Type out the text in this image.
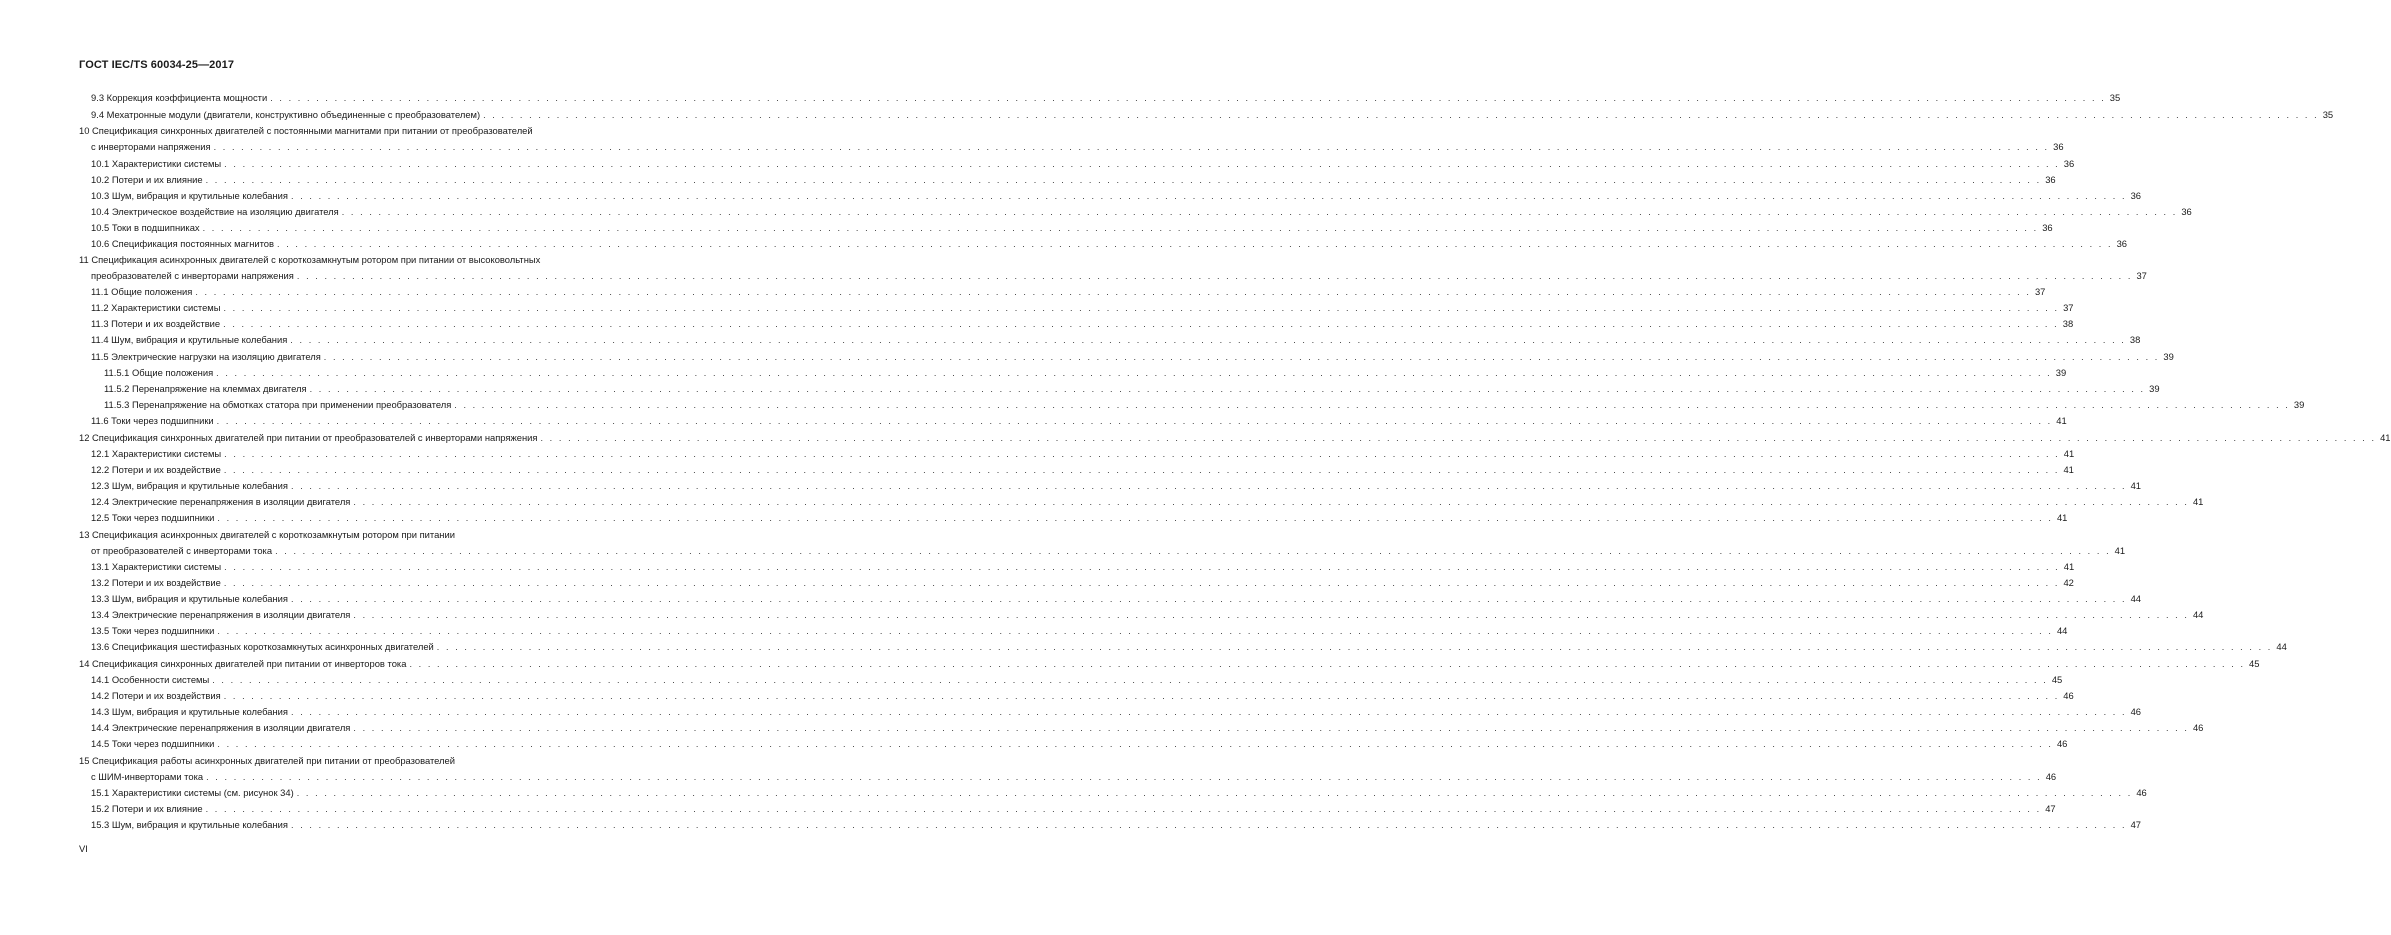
ГОСТ IEC/TS 60034-25—2017
9.3 Коррекция коэффициента мощности . . . . . . . . . . . . . . . . . . . . . . . . . . . . . . . . . . . . . . . . . . . . . . . . . . . . . . . . . . . . . . . . . . . . . . . . . . . . . . . . . . . . . . . . . . . . . . . . . . . . . . . . . . . . . . . . . . . . . . . . . . . . . . . . . . . . . . . . . . . . . . . . . . . . . . . . . . . . . . . . . . . . . . . . . . . . . . . . . . . . . . . . . . . . . . . . . . . . . . . . 35
9.4 Мехатронные модули (двигатели, конструктивно объединенные с преобразователем) . . . . . . . . . . . . . . . . . . . . . . . . . . . . . . . . . . . . . . . . . . . . . . . . . . . . . . . . . . . . . . . . . . . . . . . . . . . . . . . . . . . . . . . . . . . . . . . . . . . . . . . . . . . . . . . . . . . . . . . . . . . . . . . . . . . . . . . . . . . . . . . . . . . . . . . . . . . . . . . . . . . . . . . . . . . . . . . . . . . . . . . . . . . . . . . . . . . . . . . . 35
10 Спецификация синхронных двигателей с постоянными магнитами при питании от преобразователей
с инверторами напряжения . . . . . . . . . . . . . . . . . . . . . . . . . . . . . . . . . . . . . . . . . . . . . . . . . . . . . . . . . . . . . . . . . . . . . . . . . . . . . . . . . . . . . . . . . . . . . . . . . . . . . . . . . . . . . . . . . . . . . . . . . . . . . . . . . . . . . . . . . . . . . . . . . . . . . . . . . . . . . . . . . . . . . . . . . . . . . . . . . . . . . . . . . . . . . . . . . . . . . . . . 36
10.1 Характеристики системы . . . . . . . . . . . . . . . . . . . . . . . . . . . . . . . . . . . . . . . . . . . . . . . . . . . . . . . . . . . . . . . . . . . . . . . . . . . . . . . . . . . . . . . . . . . . . . . . . . . . . . . . . . . . . . . . . . . . . . . . . . . . . . . . . . . . . . . . . . . . . . . . . . . . . . . . . . . . . . . . . . . . . . . . . . . . . . . . . . . . . . . . . . . . . . . . . . . . . . . . 36
10.2 Потери и их влияние . . . . . . . . . . . . . . . . . . . . . . . . . . . . . . . . . . . . . . . . . . . . . . . . . . . . . . . . . . . . . . . . . . . . . . . . . . . . . . . . . . . . . . . . . . . . . . . . . . . . . . . . . . . . . . . . . . . . . . . . . . . . . . . . . . . . . . . . . . . . . . . . . . . . . . . . . . . . . . . . . . . . . . . . . . . . . . . . . . . . . . . . . . . . . . . . . . . . . . . . 36
10.3 Шум, вибрация и крутильные колебания . . . . . . . . . . . . . . . . . . . . . . . . . . . . . . . . . . . . . . . . . . . . . . . . . . . . . . . . . . . . . . . . . . . . . . . . . . . . . . . . . . . . . . . . . . . . . . . . . . . . . . . . . . . . . . . . . . . . . . . . . . . . . . . . . . . . . . . . . . . . . . . . . . . . . . . . . . . . . . . . . . . . . . . . . . . . . . . . . . . . . . . . . . . . . . . . . . . . . . . . 36
10.4 Электрическое воздействие на изоляцию двигателя . . . . . . . . . . . . . . . . . . . . . . . . . . . . . . . . . . . . . . . . . . . . . . . . . . . . . . . . . . . . . . . . . . . . . . . . . . . . . . . . . . . . . . . . . . . . . . . . . . . . . . . . . . . . . . . . . . . . . . . . . . . . . . . . . . . . . . . . . . . . . . . . . . . . . . . . . . . . . . . . . . . . . . . . . . . . . . . . . . . . . . . . . . . . . . . . . . . . . . . . 36
10.5 Токи в подшипниках . . . . . . . . . . . . . . . . . . . . . . . . . . . . . . . . . . . . . . . . . . . . . . . . . . . . . . . . . . . . . . . . . . . . . . . . . . . . . . . . . . . . . . . . . . . . . . . . . . . . . . . . . . . . . . . . . . . . . . . . . . . . . . . . . . . . . . . . . . . . . . . . . . . . . . . . . . . . . . . . . . . . . . . . . . . . . . . . . . . . . . . . . . . . . . . . . . . . . . . . 36
10.6 Спецификация постоянных магнитов . . . . . . . . . . . . . . . . . . . . . . . . . . . . . . . . . . . . . . . . . . . . . . . . . . . . . . . . . . . . . . . . . . . . . . . . . . . . . . . . . . . . . . . . . . . . . . . . . . . . . . . . . . . . . . . . . . . . . . . . . . . . . . . . . . . . . . . . . . . . . . . . . . . . . . . . . . . . . . . . . . . . . . . . . . . . . . . . . . . . . . . . . . . . . . . . . . . . . . . . 36
11 Спецификация асинхронных двигателей с короткозамкнутым ротором при питании от высоковольтных
преобразователей с инверторами напряжения . . . . . . . . . . . . . . . . . . . . . . . . . . . . . . . . . . . . . . . . . . . . . . . . . . . . . . . . . . . . . . . . . . . . . . . . . . . . . . . . . . . . . . . . . . . . . . . . . . . . . . . . . . . . . . . . . . . . . . . . . . . . . . . . . . . . . . . . . . . . . . . . . . . . . . . . . . . . . . . . . . . . . . . . . . . . . . . . . . . . . . . . . . . . . . . . . . . . . . . . 37
11.1 Общие положения . . . . . . . . . . . . . . . . . . . . . . . . . . . . . . . . . . . . . . . . . . . . . . . . . . . . . . . . . . . . . . . . . . . . . . . . . . . . . . . . . . . . . . . . . . . . . . . . . . . . . . . . . . . . . . . . . . . . . . . . . . . . . . . . . . . . . . . . . . . . . . . . . . . . . . . . . . . . . . . . . . . . . . . . . . . . . . . . . . . . . . . . . . . . . . . . . . . . . . . . 37
11.2 Характеристики системы . . . . . . . . . . . . . . . . . . . . . . . . . . . . . . . . . . . . . . . . . . . . . . . . . . . . . . . . . . . . . . . . . . . . . . . . . . . . . . . . . . . . . . . . . . . . . . . . . . . . . . . . . . . . . . . . . . . . . . . . . . . . . . . . . . . . . . . . . . . . . . . . . . . . . . . . . . . . . . . . . . . . . . . . . . . . . . . . . . . . . . . . . . . . . . . . . . . . . . . . 37
11.3 Потери и их воздействие . . . . . . . . . . . . . . . . . . . . . . . . . . . . . . . . . . . . . . . . . . . . . . . . . . . . . . . . . . . . . . . . . . . . . . . . . . . . . . . . . . . . . . . . . . . . . . . . . . . . . . . . . . . . . . . . . . . . . . . . . . . . . . . . . . . . . . . . . . . . . . . . . . . . . . . . . . . . . . . . . . . . . . . . . . . . . . . . . . . . . . . . . . . . . . . . . . . . . . . . 38
11.4 Шум, вибрация и крутильные колебания . . . . . . . . . . . . . . . . . . . . . . . . . . . . . . . . . . . . . . . . . . . . . . . . . . . . . . . . . . . . . . . . . . . . . . . . . . . . . . . . . . . . . . . . . . . . . . . . . . . . . . . . . . . . . . . . . . . . . . . . . . . . . . . . . . . . . . . . . . . . . . . . . . . . . . . . . . . . . . . . . . . . . . . . . . . . . . . . . . . . . . . . . . . . . . . . . . . . . . . . 38
11.5 Электрические нагрузки на изоляцию двигателя . . . . . . . . . . . . . . . . . . . . . . . . . . . . . . . . . . . . . . . . . . . . . . . . . . . . . . . . . . . . . . . . . . . . . . . . . . . . . . . . . . . . . . . . . . . . . . . . . . . . . . . . . . . . . . . . . . . . . . . . . . . . . . . . . . . . . . . . . . . . . . . . . . . . . . . . . . . . . . . . . . . . . . . . . . . . . . . . . . . . . . . . . . . . . . . . . . . . . . . . 39
11.5.1 Общие положения . . . . . . . . . . . . . . . . . . . . . . . . . . . . . . . . . . . . . . . . . . . . . . . . . . . . . . . . . . . . . . . . . . . . . . . . . . . . . . . . . . . . . . . . . . . . . . . . . . . . . . . . . . . . . . . . . . . . . . . . . . . . . . . . . . . . . . . . . . . . . . . . . . . . . . . . . . . . . . . . . . . . . . . . . . . . . . . . . . . . . . . . . . . . . . . . . . . . . . . . 39
11.5.2 Перенапряжение на клеммах двигателя . . . . . . . . . . . . . . . . . . . . . . . . . . . . . . . . . . . . . . . . . . . . . . . . . . . . . . . . . . . . . . . . . . . . . . . . . . . . . . . . . . . . . . . . . . . . . . . . . . . . . . . . . . . . . . . . . . . . . . . . . . . . . . . . . . . . . . . . . . . . . . . . . . . . . . . . . . . . . . . . . . . . . . . . . . . . . . . . . . . . . . . . . . . . . . . . . . . . . . . . 39
11.5.3 Перенапряжение на обмотках статора при применении преобразователя . . . . . . . . . . . . . . . . . . . . . . . . . . . . . . . . . . . . . . . . . . . . . . . . . . . . . . . . . . . . . . . . . . . . . . . . . . . . . . . . . . . . . . . . . . . . . . . . . . . . . . . . . . . . . . . . . . . . . . . . . . . . . . . . . . . . . . . . . . . . . . . . . . . . . . . . . . . . . . . . . . . . . . . . . . . . . . . . . . . . . . . . . . . . . . . . . . . . . . . . 39
11.6 Токи через подшипники . . . . . . . . . . . . . . . . . . . . . . . . . . . . . . . . . . . . . . . . . . . . . . . . . . . . . . . . . . . . . . . . . . . . . . . . . . . . . . . . . . . . . . . . . . . . . . . . . . . . . . . . . . . . . . . . . . . . . . . . . . . . . . . . . . . . . . . . . . . . . . . . . . . . . . . . . . . . . . . . . . . . . . . . . . . . . . . . . . . . . . . . . . . . . . . . . . . . . . . . 41
12 Спецификация синхронных двигателей при питании от преобразователей с инверторами напряжения . . . . . . . . . . . . . . . . . . . . . . . . . . . . . . . . . . . . . . . . . . . . . . . . . . . . . . . . . . . . . . . . . . . . . . . . . . . . . . . . . . . . . . . . . . . . . . . . . . . . . . . . . . . . . . . . . . . . . . . . . . . . . . . . . . . . . . . . . . . . . . . . . . . . . . . . . . . . . . . . . . . . . . . . . . . . . . . . . . . . . . . . . . . . . . . . . . . . . . . . 41
12.1 Характеристики системы . . . . . . . . . . . . . . . . . . . . . . . . . . . . . . . . . . . . . . . . . . . . . . . . . . . . . . . . . . . . . . . . . . . . . . . . . . . . . . . . . . . . . . . . . . . . . . . . . . . . . . . . . . . . . . . . . . . . . . . . . . . . . . . . . . . . . . . . . . . . . . . . . . . . . . . . . . . . . . . . . . . . . . . . . . . . . . . . . . . . . . . . . . . . . . . . . . . . . . . . 41
12.2 Потери и их воздействие . . . . . . . . . . . . . . . . . . . . . . . . . . . . . . . . . . . . . . . . . . . . . . . . . . . . . . . . . . . . . . . . . . . . . . . . . . . . . . . . . . . . . . . . . . . . . . . . . . . . . . . . . . . . . . . . . . . . . . . . . . . . . . . . . . . . . . . . . . . . . . . . . . . . . . . . . . . . . . . . . . . . . . . . . . . . . . . . . . . . . . . . . . . . . . . . . . . . . . . . 41
12.3 Шум, вибрация и крутильные колебания . . . . . . . . . . . . . . . . . . . . . . . . . . . . . . . . . . . . . . . . . . . . . . . . . . . . . . . . . . . . . . . . . . . . . . . . . . . . . . . . . . . . . . . . . . . . . . . . . . . . . . . . . . . . . . . . . . . . . . . . . . . . . . . . . . . . . . . . . . . . . . . . . . . . . . . . . . . . . . . . . . . . . . . . . . . . . . . . . . . . . . . . . . . . . . . . . . . . . . . . 41
12.4 Электрические перенапряжения в изоляции двигателя . . . . . . . . . . . . . . . . . . . . . . . . . . . . . . . . . . . . . . . . . . . . . . . . . . . . . . . . . . . . . . . . . . . . . . . . . . . . . . . . . . . . . . . . . . . . . . . . . . . . . . . . . . . . . . . . . . . . . . . . . . . . . . . . . . . . . . . . . . . . . . . . . . . . . . . . . . . . . . . . . . . . . . . . . . . . . . . . . . . . . . . . . . . . . . . . . . . . . . . . 41
12.5 Токи через подшипники . . . . . . . . . . . . . . . . . . . . . . . . . . . . . . . . . . . . . . . . . . . . . . . . . . . . . . . . . . . . . . . . . . . . . . . . . . . . . . . . . . . . . . . . . . . . . . . . . . . . . . . . . . . . . . . . . . . . . . . . . . . . . . . . . . . . . . . . . . . . . . . . . . . . . . . . . . . . . . . . . . . . . . . . . . . . . . . . . . . . . . . . . . . . . . . . . . . . . . . . 41
13 Спецификация асинхронных двигателей с короткозамкнутым ротором при питании
от преобразователей с инверторами тока . . . . . . . . . . . . . . . . . . . . . . . . . . . . . . . . . . . . . . . . . . . . . . . . . . . . . . . . . . . . . . . . . . . . . . . . . . . . . . . . . . . . . . . . . . . . . . . . . . . . . . . . . . . . . . . . . . . . . . . . . . . . . . . . . . . . . . . . . . . . . . . . . . . . . . . . . . . . . . . . . . . . . . . . . . . . . . . . . . . . . . . . . . . . . . . . . . . . . . . . 41
13.1 Характеристики системы . . . . . . . . . . . . . . . . . . . . . . . . . . . . . . . . . . . . . . . . . . . . . . . . . . . . . . . . . . . . . . . . . . . . . . . . . . . . . . . . . . . . . . . . . . . . . . . . . . . . . . . . . . . . . . . . . . . . . . . . . . . . . . . . . . . . . . . . . . . . . . . . . . . . . . . . . . . . . . . . . . . . . . . . . . . . . . . . . . . . . . . . . . . . . . . . . . . . . . . . 41
13.2 Потери и их воздействие . . . . . . . . . . . . . . . . . . . . . . . . . . . . . . . . . . . . . . . . . . . . . . . . . . . . . . . . . . . . . . . . . . . . . . . . . . . . . . . . . . . . . . . . . . . . . . . . . . . . . . . . . . . . . . . . . . . . . . . . . . . . . . . . . . . . . . . . . . . . . . . . . . . . . . . . . . . . . . . . . . . . . . . . . . . . . . . . . . . . . . . . . . . . . . . . . . . . . . . . 42
13.3 Шум, вибрация и крутильные колебания . . . . . . . . . . . . . . . . . . . . . . . . . . . . . . . . . . . . . . . . . . . . . . . . . . . . . . . . . . . . . . . . . . . . . . . . . . . . . . . . . . . . . . . . . . . . . . . . . . . . . . . . . . . . . . . . . . . . . . . . . . . . . . . . . . . . . . . . . . . . . . . . . . . . . . . . . . . . . . . . . . . . . . . . . . . . . . . . . . . . . . . . . . . . . . . . . . . . . . . . 44
13.4 Электрические перенапряжения в изоляции двигателя . . . . . . . . . . . . . . . . . . . . . . . . . . . . . . . . . . . . . . . . . . . . . . . . . . . . . . . . . . . . . . . . . . . . . . . . . . . . . . . . . . . . . . . . . . . . . . . . . . . . . . . . . . . . . . . . . . . . . . . . . . . . . . . . . . . . . . . . . . . . . . . . . . . . . . . . . . . . . . . . . . . . . . . . . . . . . . . . . . . . . . . . . . . . . . . . . . . . . . . . 44
13.5 Токи через подшипники . . . . . . . . . . . . . . . . . . . . . . . . . . . . . . . . . . . . . . . . . . . . . . . . . . . . . . . . . . . . . . . . . . . . . . . . . . . . . . . . . . . . . . . . . . . . . . . . . . . . . . . . . . . . . . . . . . . . . . . . . . . . . . . . . . . . . . . . . . . . . . . . . . . . . . . . . . . . . . . . . . . . . . . . . . . . . . . . . . . . . . . . . . . . . . . . . . . . . . . . 44
13.6 Спецификация шестифазных короткозамкнутых асинхронных двигателей . . . . . . . . . . . . . . . . . . . . . . . . . . . . . . . . . . . . . . . . . . . . . . . . . . . . . . . . . . . . . . . . . . . . . . . . . . . . . . . . . . . . . . . . . . . . . . . . . . . . . . . . . . . . . . . . . . . . . . . . . . . . . . . . . . . . . . . . . . . . . . . . . . . . . . . . . . . . . . . . . . . . . . . . . . . . . . . . . . . . . . . . . . . . . . . . . . . . . . . . 44
14 Спецификация синхронных двигателей при питании от инверторов тока . . . . . . . . . . . . . . . . . . . . . . . . . . . . . . . . . . . . . . . . . . . . . . . . . . . . . . . . . . . . . . . . . . . . . . . . . . . . . . . . . . . . . . . . . . . . . . . . . . . . . . . . . . . . . . . . . . . . . . . . . . . . . . . . . . . . . . . . . . . . . . . . . . . . . . . . . . . . . . . . . . . . . . . . . . . . . . . . . . . . . . . . . . . . . . . . . . . . . . . . 45
14.1 Особенности системы . . . . . . . . . . . . . . . . . . . . . . . . . . . . . . . . . . . . . . . . . . . . . . . . . . . . . . . . . . . . . . . . . . . . . . . . . . . . . . . . . . . . . . . . . . . . . . . . . . . . . . . . . . . . . . . . . . . . . . . . . . . . . . . . . . . . . . . . . . . . . . . . . . . . . . . . . . . . . . . . . . . . . . . . . . . . . . . . . . . . . . . . . . . . . . . . . . . . . . . . 45
14.2 Потери и их воздействия . . . . . . . . . . . . . . . . . . . . . . . . . . . . . . . . . . . . . . . . . . . . . . . . . . . . . . . . . . . . . . . . . . . . . . . . . . . . . . . . . . . . . . . . . . . . . . . . . . . . . . . . . . . . . . . . . . . . . . . . . . . . . . . . . . . . . . . . . . . . . . . . . . . . . . . . . . . . . . . . . . . . . . . . . . . . . . . . . . . . . . . . . . . . . . . . . . . . . . . . 46
14.3 Шум, вибрация и крутильные колебания . . . . . . . . . . . . . . . . . . . . . . . . . . . . . . . . . . . . . . . . . . . . . . . . . . . . . . . . . . . . . . . . . . . . . . . . . . . . . . . . . . . . . . . . . . . . . . . . . . . . . . . . . . . . . . . . . . . . . . . . . . . . . . . . . . . . . . . . . . . . . . . . . . . . . . . . . . . . . . . . . . . . . . . . . . . . . . . . . . . . . . . . . . . . . . . . . . . . . . . . 46
14.4 Электрические перенапряжения в изоляции двигателя . . . . . . . . . . . . . . . . . . . . . . . . . . . . . . . . . . . . . . . . . . . . . . . . . . . . . . . . . . . . . . . . . . . . . . . . . . . . . . . . . . . . . . . . . . . . . . . . . . . . . . . . . . . . . . . . . . . . . . . . . . . . . . . . . . . . . . . . . . . . . . . . . . . . . . . . . . . . . . . . . . . . . . . . . . . . . . . . . . . . . . . . . . . . . . . . . . . . . . . . 46
14.5 Токи через подшипники . . . . . . . . . . . . . . . . . . . . . . . . . . . . . . . . . . . . . . . . . . . . . . . . . . . . . . . . . . . . . . . . . . . . . . . . . . . . . . . . . . . . . . . . . . . . . . . . . . . . . . . . . . . . . . . . . . . . . . . . . . . . . . . . . . . . . . . . . . . . . . . . . . . . . . . . . . . . . . . . . . . . . . . . . . . . . . . . . . . . . . . . . . . . . . . . . . . . . . . . 46
15 Спецификация работы асинхронных двигателей при питании от преобразователей
с ШИМ-инверторами тока . . . . . . . . . . . . . . . . . . . . . . . . . . . . . . . . . . . . . . . . . . . . . . . . . . . . . . . . . . . . . . . . . . . . . . . . . . . . . . . . . . . . . . . . . . . . . . . . . . . . . . . . . . . . . . . . . . . . . . . . . . . . . . . . . . . . . . . . . . . . . . . . . . . . . . . . . . . . . . . . . . . . . . . . . . . . . . . . . . . . . . . . . . . . . . . . . . . . . . . . 46
15.1 Характеристики системы (см. рисунок 34) . . . . . . . . . . . . . . . . . . . . . . . . . . . . . . . . . . . . . . . . . . . . . . . . . . . . . . . . . . . . . . . . . . . . . . . . . . . . . . . . . . . . . . . . . . . . . . . . . . . . . . . . . . . . . . . . . . . . . . . . . . . . . . . . . . . . . . . . . . . . . . . . . . . . . . . . . . . . . . . . . . . . . . . . . . . . . . . . . . . . . . . . . . . . . . . . . . . . . . . . 46
15.2 Потери и их влияние . . . . . . . . . . . . . . . . . . . . . . . . . . . . . . . . . . . . . . . . . . . . . . . . . . . . . . . . . . . . . . . . . . . . . . . . . . . . . . . . . . . . . . . . . . . . . . . . . . . . . . . . . . . . . . . . . . . . . . . . . . . . . . . . . . . . . . . . . . . . . . . . . . . . . . . . . . . . . . . . . . . . . . . . . . . . . . . . . . . . . . . . . . . . . . . . . . . . . . . . 47
15.3 Шум, вибрация и крутильные колебания . . . . . . . . . . . . . . . . . . . . . . . . . . . . . . . . . . . . . . . . . . . . . . . . . . . . . . . . . . . . . . . . . . . . . . . . . . . . . . . . . . . . . . . . . . . . . . . . . . . . . . . . . . . . . . . . . . . . . . . . . . . . . . . . . . . . . . . . . . . . . . . . . . . . . . . . . . . . . . . . . . . . . . . . . . . . . . . . . . . . . . . . . . . . . . . . . . . . . . . . 47
VI
